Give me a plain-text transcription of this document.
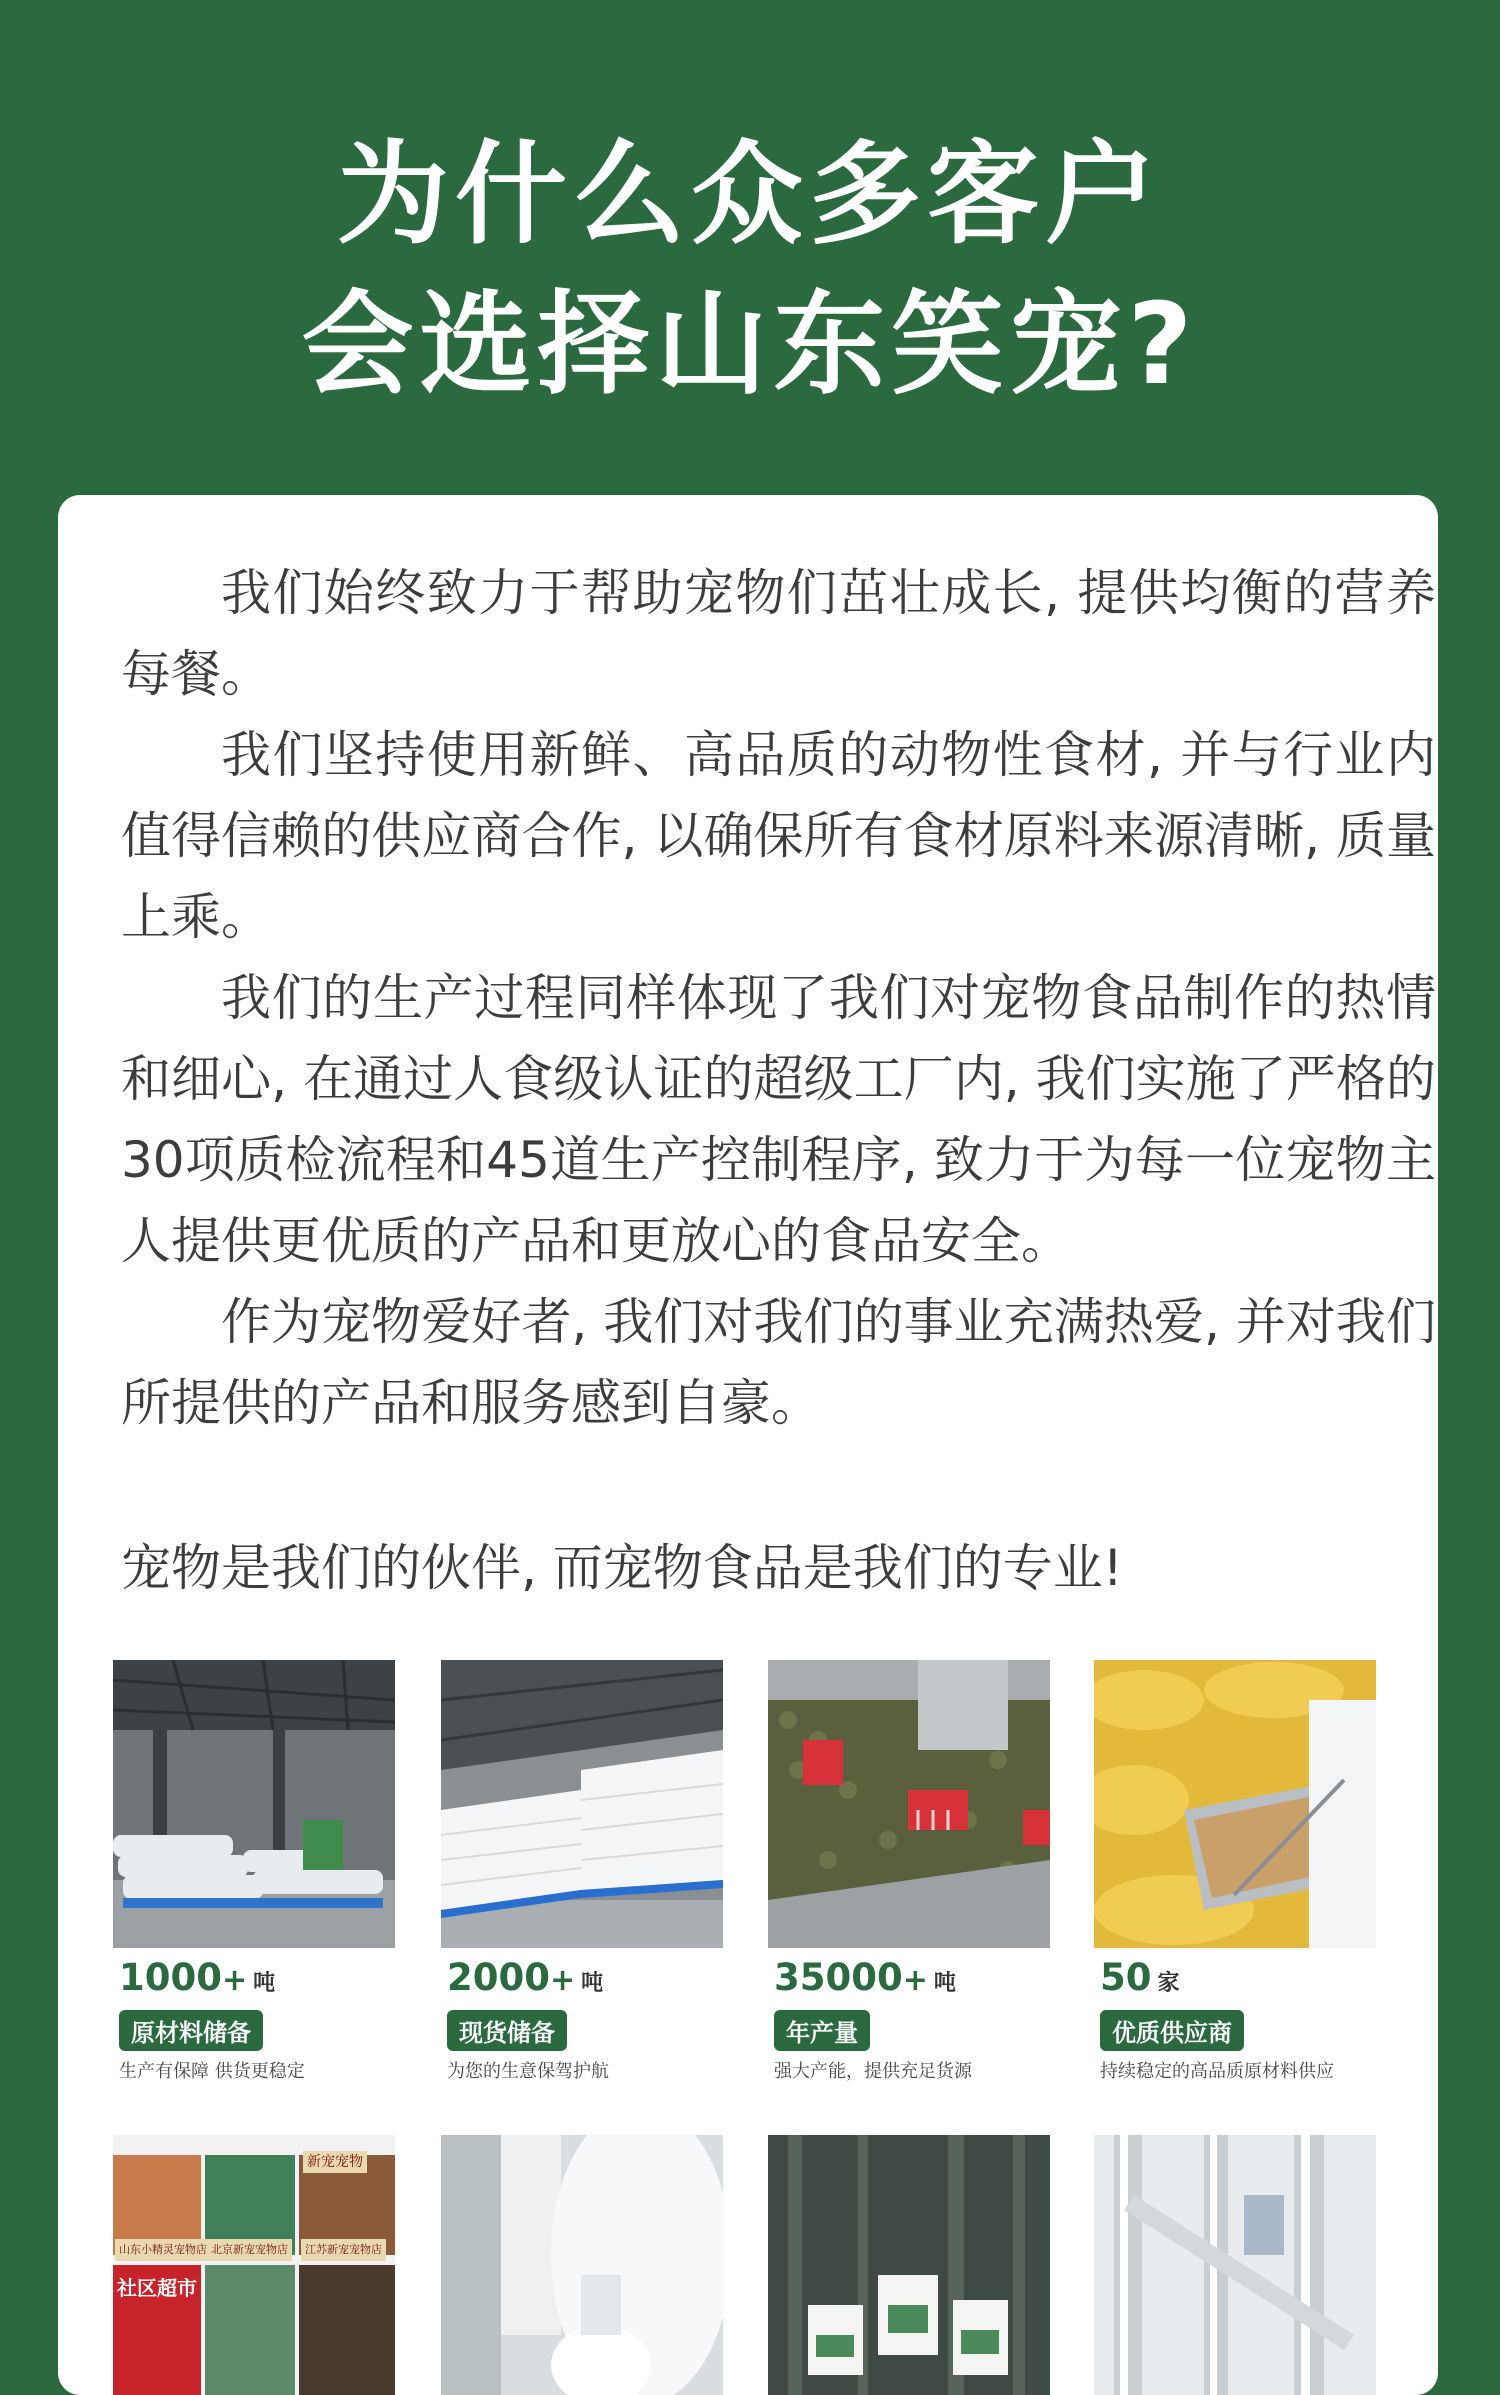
为什么众多客户
会选择山东笑宠?

我们始终致力于帮助宠物们茁壮成长, 提供均衡的营养每餐。

我们坚持使用新鲜、高品质的动物性食材, 并与行业内值得信赖的供应商合作, 以确保所有食材原料来源清晰, 质量上乘。

我们的生产过程同样体现了我们对宠物食品制作的热情和细心, 在通过人食级认证的超级工厂内, 我们实施了严格的30项质检流程和45道生产控制程序, 致力于为每一位宠物主人提供更优质的产品和更放心的食品安全。

作为宠物爱好者, 我们对我们的事业充满热爱, 并对我们所提供的产品和服务感到自豪。

宠物是我们的伙伴, 而宠物食品是我们的专业!

1000+ 吨
原材料储备
生产有保障 供货更稳定
2000+ 吨
现货储备
为您的生意保驾护航
35000+ 吨
年产量
强大产能，提供充足货源
50 家
优质供应商
持续稳定的高品质原材料供应
新宠宠物
山东小精灵宠物店 北京新宠宠物店	江苏新宠宠物店
社区超市
